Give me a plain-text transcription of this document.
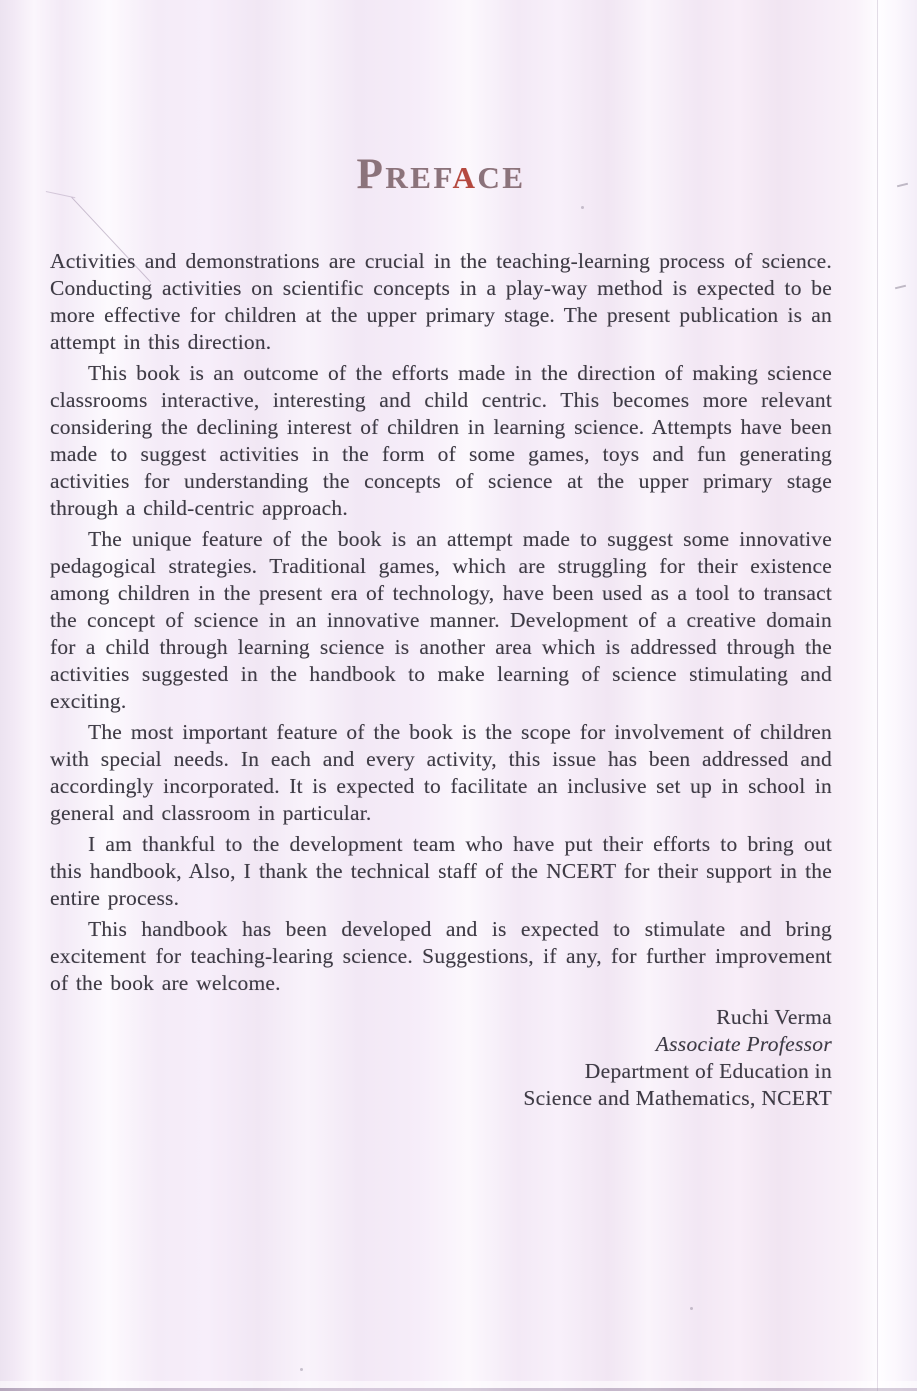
PREFACE

Activities and demonstrations are crucial in the teaching-learning process of science. Conducting activities on scientific concepts in a play-way method is expected to be more effective for children at the upper primary stage. The present publication is an attempt in this direction.

This book is an outcome of the efforts made in the direction of making science classrooms interactive, interesting and child centric. This becomes more relevant considering the declining interest of children in learning science. Attempts have been made to suggest activities in the form of some games, toys and fun generating activities for understanding the concepts of science at the upper primary stage through a child-centric approach.

The unique feature of the book is an attempt made to suggest some innovative pedagogical strategies. Traditional games, which are struggling for their existence among children in the present era of technology, have been used as a tool to transact the concept of science in an innovative manner. Development of a creative domain for a child through learning science is another area which is addressed through the activities suggested in the handbook to make learning of science stimulating and exciting.

The most important feature of the book is the scope for involvement of children with special needs. In each and every activity, this issue has been addressed and accordingly incorporated. It is expected to facilitate an inclusive set up in school in general and classroom in particular.

I am thankful to the development team who have put their efforts to bring out this handbook, Also, I thank the technical staff of the NCERT for their support in the entire process.

This handbook has been developed and is expected to stimulate and bring excitement for teaching-learing science. Suggestions, if any, for further improvement of the book are welcome.

Ruchi Verma
Associate Professor
Department of Education in
Science and Mathematics, NCERT
